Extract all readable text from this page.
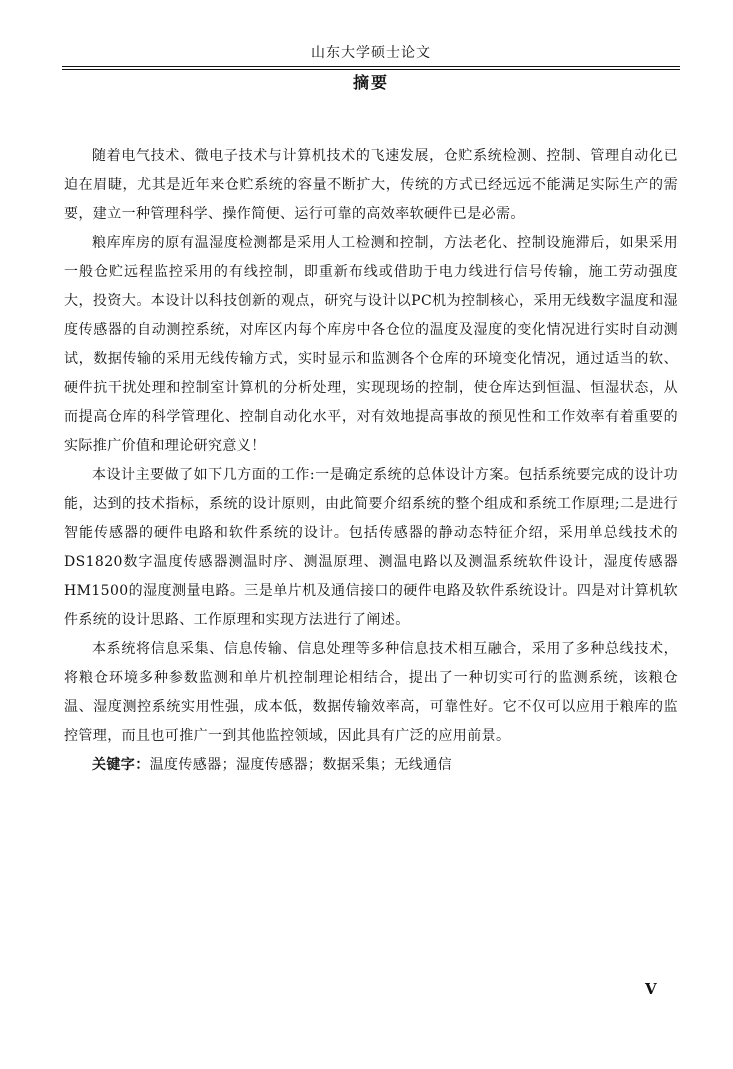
山东大学硕士论文
摘要

随着电气技术、微电子技术与计算机技术的飞速发展，仓贮系统检测、控制、管理自动化已迫在眉睫，尤其是近年来仓贮系统的容量不断扩大，传统的方式已经远远不能满足实际生产的需要，建立一种管理科学、操作简便、运行可靠的高效率软硬件已是必需。

粮库库房的原有温湿度检测都是采用人工检测和控制，方法老化、控制设施滞后，如果采用一般仓贮远程监控采用的有线控制，即重新布线或借助于电力线进行信号传输，施工劳动强度大，投资大。本设计以科技创新的观点，研究与设计以PC机为控制核心，采用无线数字温度和湿度传感器的自动测控系统，对库区内每个库房中各仓位的温度及湿度的变化情况进行实时自动测试，数据传输的采用无线传输方式，实时显示和监测各个仓库的环境变化情况，通过适当的软、硬件抗干扰处理和控制室计算机的分析处理，实现现场的控制，使仓库达到恒温、恒湿状态，从而提高仓库的科学管理化、控制自动化水平，对有效地提高事故的预见性和工作效率有着重要的实际推广价值和理论研究意义！

本设计主要做了如下几方面的工作:一是确定系统的总体设计方案。包括系统要完成的设计功能，达到的技术指标，系统的设计原则，由此简要介绍系统的整个组成和系统工作原理;二是进行智能传感器的硬件电路和软件系统的设计。包括传感器的静动态特征介绍，采用单总线技术的DS1820数字温度传感器测温时序、测温原理、测温电路以及测温系统软件设计，湿度传感器HM1500的湿度测量电路。三是单片机及通信接口的硬件电路及软件系统设计。四是对计算机软件系统的设计思路、工作原理和实现方法进行了阐述。

本系统将信息采集、信息传输、信息处理等多种信息技术相互融合，采用了多种总线技术，将粮仓环境多种参数监测和单片机控制理论相结合，提出了一种切实可行的监测系统，该粮仓温、湿度测控系统实用性强，成本低，数据传输效率高，可靠性好。它不仅可以应用于粮库的监控管理，而且也可推广一到其他监控领域，因此具有广泛的应用前景。

关键字：温度传感器；湿度传感器；数据采集；无线通信

V
